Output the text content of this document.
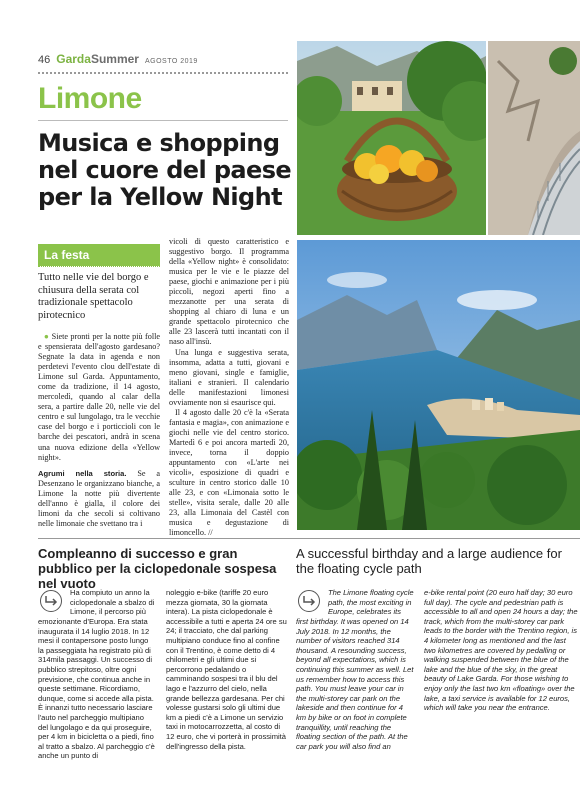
46 Garda Summer AGOSTO 2019
Limone
Musica e shopping nel cuore del paese per la Yellow Night
La festa
Tutto nelle vie del borgo e chiusura della serata col tradizionale spettacolo pirotecnico

● Siete pronti per la notte più folle e spensierata dell'agosto gardesano? Segnate la data in agenda e non perdetevi l'evento clou dell'estate di Limone sul Garda. Appuntamento, come da tradizione, il 14 agosto, mercoledì, quando al calar della sera, a partire dalle 20, nelle vie del centro e sul lungolago, tra le vecchie case del borgo e i porticcioli con le barche dei pescatori, andrà in scena una nuova edizione della «Yellow night».

Agrumi nella storia. Se a Desenzano le organizzano bianche, a Limone la notte più divertente dell'anno è gialla, il colore dei limoni da che secoli si coltivano nelle limonaie che svettano tra i

vicoli di questo caratteristico e suggestivo borgo. Il programma della «Yellow night» è consolidato: musica per le vie e le piazze del paese, giochi e animazione per i più piccoli, negozi aperti fino a mezzanotte per una serata di shopping al chiaro di luna e un grande spettacolo pirotecnico che alle 23 lascerà tutti incantati con il naso all'insù.

Una lunga e suggestiva serata, insomma, adatta a tutti, giovani e meno giovani, single e famiglie, italiani e stranieri. Il calendario delle manifestazioni limonesi ovviamente non si esaurisce qui.

Il 4 agosto dalle 20 c'è la «Serata fantasia e magia», con animazione e giochi nelle vie del centro storico. Martedì 6 e poi ancora martedì 20, invece, torna il doppio appuntamento con «L'arte nei vicoli», esposizione di quadri e sculture in centro storico dalle 10 alle 23, e con «Limonaia sotto le stelle», visita serale, dalle 20 alle 23, alla Limonaia del Castèl con musica e degustazione di limoncello. //

Compleanno di successo e gran pubblico per la ciclopedonale sospesa nel vuoto
Ha compiuto un anno la ciclopedonale a sbalzo di Limone, il percorso più
emozionante d'Europa. Era stata inaugurata il 14 luglio 2018. In 12 mesi il contapersone posto lungo la passeggiata ha registrato più di 314mila passaggi. Un successo di pubblico strepitoso, oltre ogni previsione, che continua anche in queste settimane. Ricordiamo, dunque, come si accede alla pista. È innanzi tutto necessario lasciare l'auto nel parcheggio multipiano del lungolago e da qui proseguire, per 4 km in bicicletta o a piedi, fino al tratto a sbalzo. Al parcheggio c'è anche un punto di
noleggio e-bike (tariffe 20 euro mezza giornata, 30 la giornata intera). La pista ciclopedonale è accessibile a tutti e aperta 24 ore su 24; il tracciato, che dal parking multipiano conduce fino al confine con il Trentino, è come detto di 4 chilometri e gli ultimi due si percorrono pedalando o camminando sospesi tra il blu del lago e l'azzurro del cielo, nella grande bellezza gardesana. Per chi volesse gustarsi solo gli ultimi due km a piedi c'è a Limone un servizio taxi in motocarrozzetta, al costo di 12 euro, che vi porterà in prossimità dell'ingresso della pista.
A successful birthday and a large audience for the floating cycle path
The Limone floating cycle path, the most exciting in Europe, celebrates its
first birthday. It was opened on 14 July 2018. In 12 months, the number of visitors reached 314 thousand. A resounding success, beyond all expectations, which is continuing this summer as well. Let us remember how to access this path. You must leave your car in the multi-storey car park on the lakeside and then continue for 4 km by bike or on foot in complete tranquillity, until reaching the floating section of the path. At the car park you will also find an
e-bike rental point (20 euro half day; 30 euro full day). The cycle and pedestrian path is accessible to all and open 24 hours a day; the track, which from the multi-storey car park leads to the border with the Trentino region, is 4 kilometer long as mentioned and the last two kilometres are covered by pedalling or walking suspended between the blue of the lake and the blue of the sky, in the great beauty of Lake Garda. For those wishing to enjoy only the last two km «floating» over the lake, a taxi service is available for 12 euros, which will take you near the entrance.
